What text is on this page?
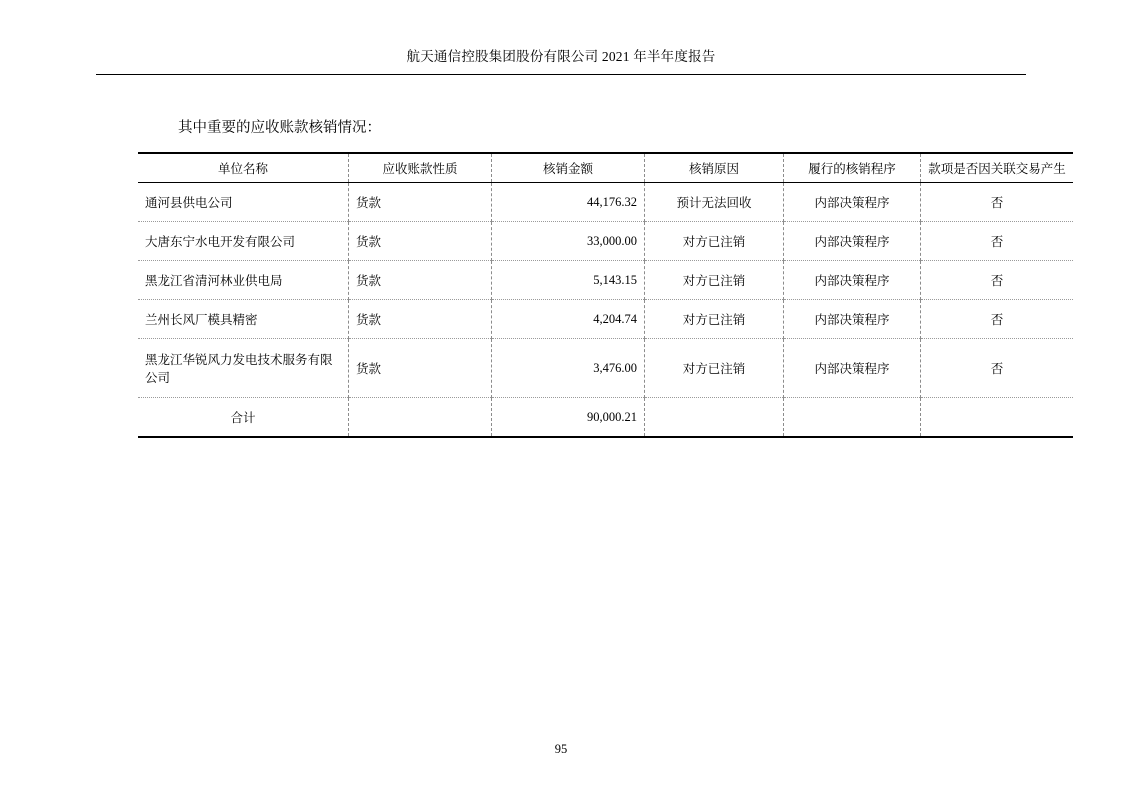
航天通信控股集团股份有限公司 2021 年半年度报告
其中重要的应收账款核销情况：
单位名称	应收账款性质	核销金额	核销原因	履行的核销程序	款项是否因关联交易产生
通河县供电公司	货款	44,176.32	预计无法回收	内部决策程序	否
大唐东宁水电开发有限公司	货款	33,000.00	对方已注销	内部决策程序	否
黑龙江省清河林业供电局	货款	5,143.15	对方已注销	内部决策程序	否
兰州长风厂模具精密	货款	4,204.74	对方已注销	内部决策程序	否
黑龙江华锐风力发电技术服务有限公司	货款	3,476.00	对方已注销	内部决策程序	否
合计		90,000.21			
95
